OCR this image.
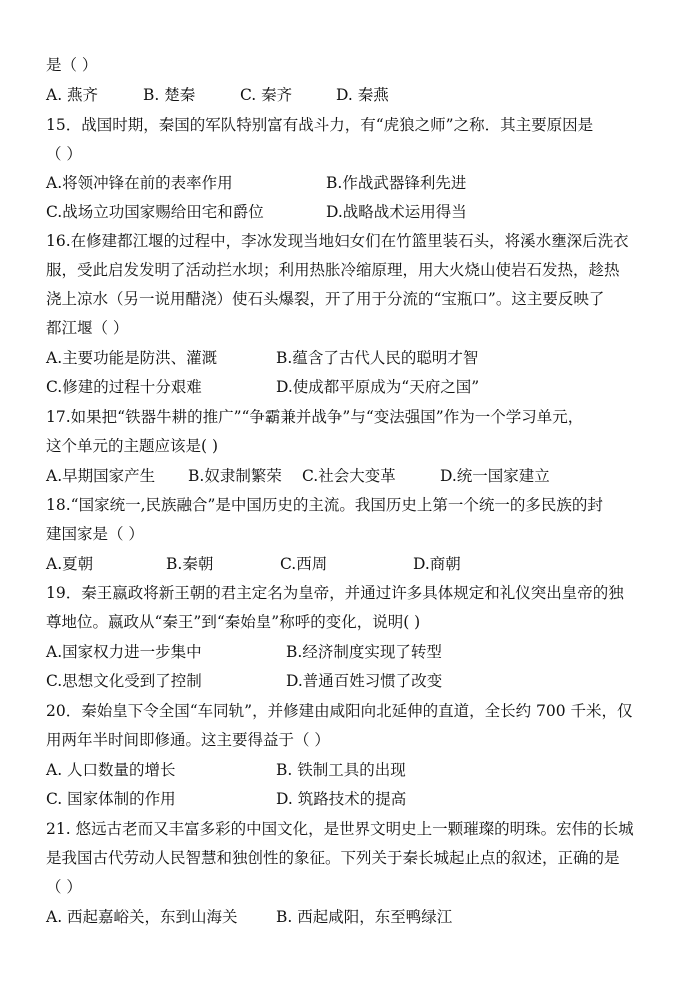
是（ ）
A. 燕齐	B. 楚秦	C. 秦齐	D. 秦燕
15．战国时期，秦国的军队特别富有战斗力，有“虎狼之师”之称．其主要原因是
（ ）
A.将领冲锋在前的表率作用	B.作战武器锋利先进
C.战场立功国家赐给田宅和爵位	D.战略战术运用得当
16.在修建都江堰的过程中，李冰发现当地妇女们在竹篮里装石头，将溪水壅深后洗衣
服，受此启发发明了活动拦水坝；利用热胀冷缩原理，用大火烧山使岩石发热，趁热
浇上凉水（另一说用醋浇）使石头爆裂，开了用于分流的“宝瓶口”。这主要反映了
都江堰（ ）
A.主要功能是防洪、灌溉	B.蕴含了古代人民的聪明才智
C.修建的过程十分艰难	D.使成都平原成为“天府之国”
17.如果把“铁器牛耕的推广”“争霸兼并战争”与“变法强国”作为一个学习单元，
这个单元的主题应该是( )
A.早期国家产生 B.奴隶制繁荣 C.社会大变革	D.统一国家建立
18.“国家统一,民族融合”是中国历史的主流。我国历史上第一个统一的多民族的封
建国家是（ ）
A.夏朝	B.秦朝	C.西周	D.商朝
19．秦王嬴政将新王朝的君主定名为皇帝，并通过许多具体规定和礼仪突出皇帝的独
尊地位。嬴政从“秦王”到“秦始皇”称呼的变化，说明( )
A.国家权力进一步集中	B.经济制度实现了转型
C.思想文化受到了控制	D.普通百姓习惯了改变
20．秦始皇下令全国“车同轨”，并修建由咸阳向北延伸的直道，全长约 700 千米，仅
用两年半时间即修通。这主要得益于（ ）
A. 人口数量的增长	B. 铁制工具的出现
C. 国家体制的作用	D. 筑路技术的提高
21. 悠远古老而又丰富多彩的中国文化，是世界文明史上一颗璀璨的明珠。宏伟的长城
是我国古代劳动人民智慧和独创性的象征。下列关于秦长城起止点的叙述，正确的是
（ ）
A. 西起嘉峪关，东到山海关 B. 西起咸阳，东至鸭绿江
